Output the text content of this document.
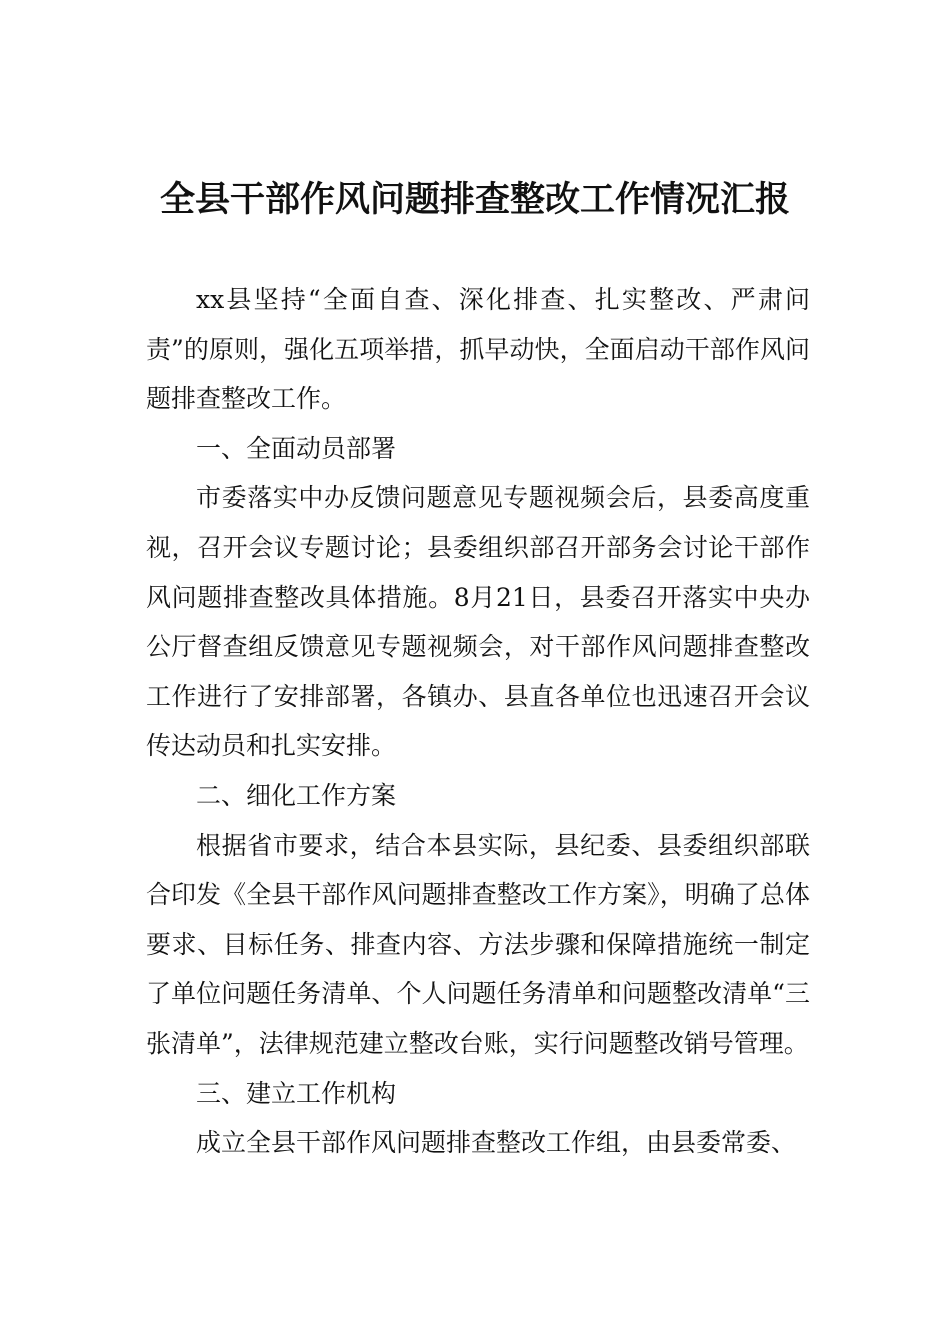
全县干部作风问题排查整改工作情况汇报

xx县坚持“全面自查、深化排查、扎实整改、严肃问责”的原则，强化五项举措，抓早动快，全面启动干部作风问题排查整改工作。

一、全面动员部署

市委落实中办反馈问题意见专题视频会后，县委高度重视，召开会议专题讨论；县委组织部召开部务会讨论干部作风问题排查整改具体措施。8月21日，县委召开落实中央办公厅督查组反馈意见专题视频会，对干部作风问题排查整改工作进行了安排部署，各镇办、县直各单位也迅速召开会议传达动员和扎实安排。

二、细化工作方案

根据省市要求，结合本县实际，县纪委、县委组织部联合印发《全县干部作风问题排查整改工作方案》，明确了总体要求、目标任务、排查内容、方法步骤和保障措施统一制定了单位问题任务清单、个人问题任务清单和问题整改清单“三张清单”，法律规范建立整改台账，实行问题整改销号管理。

三、建立工作机构

成立全县干部作风问题排查整改工作组，由县委常委、
